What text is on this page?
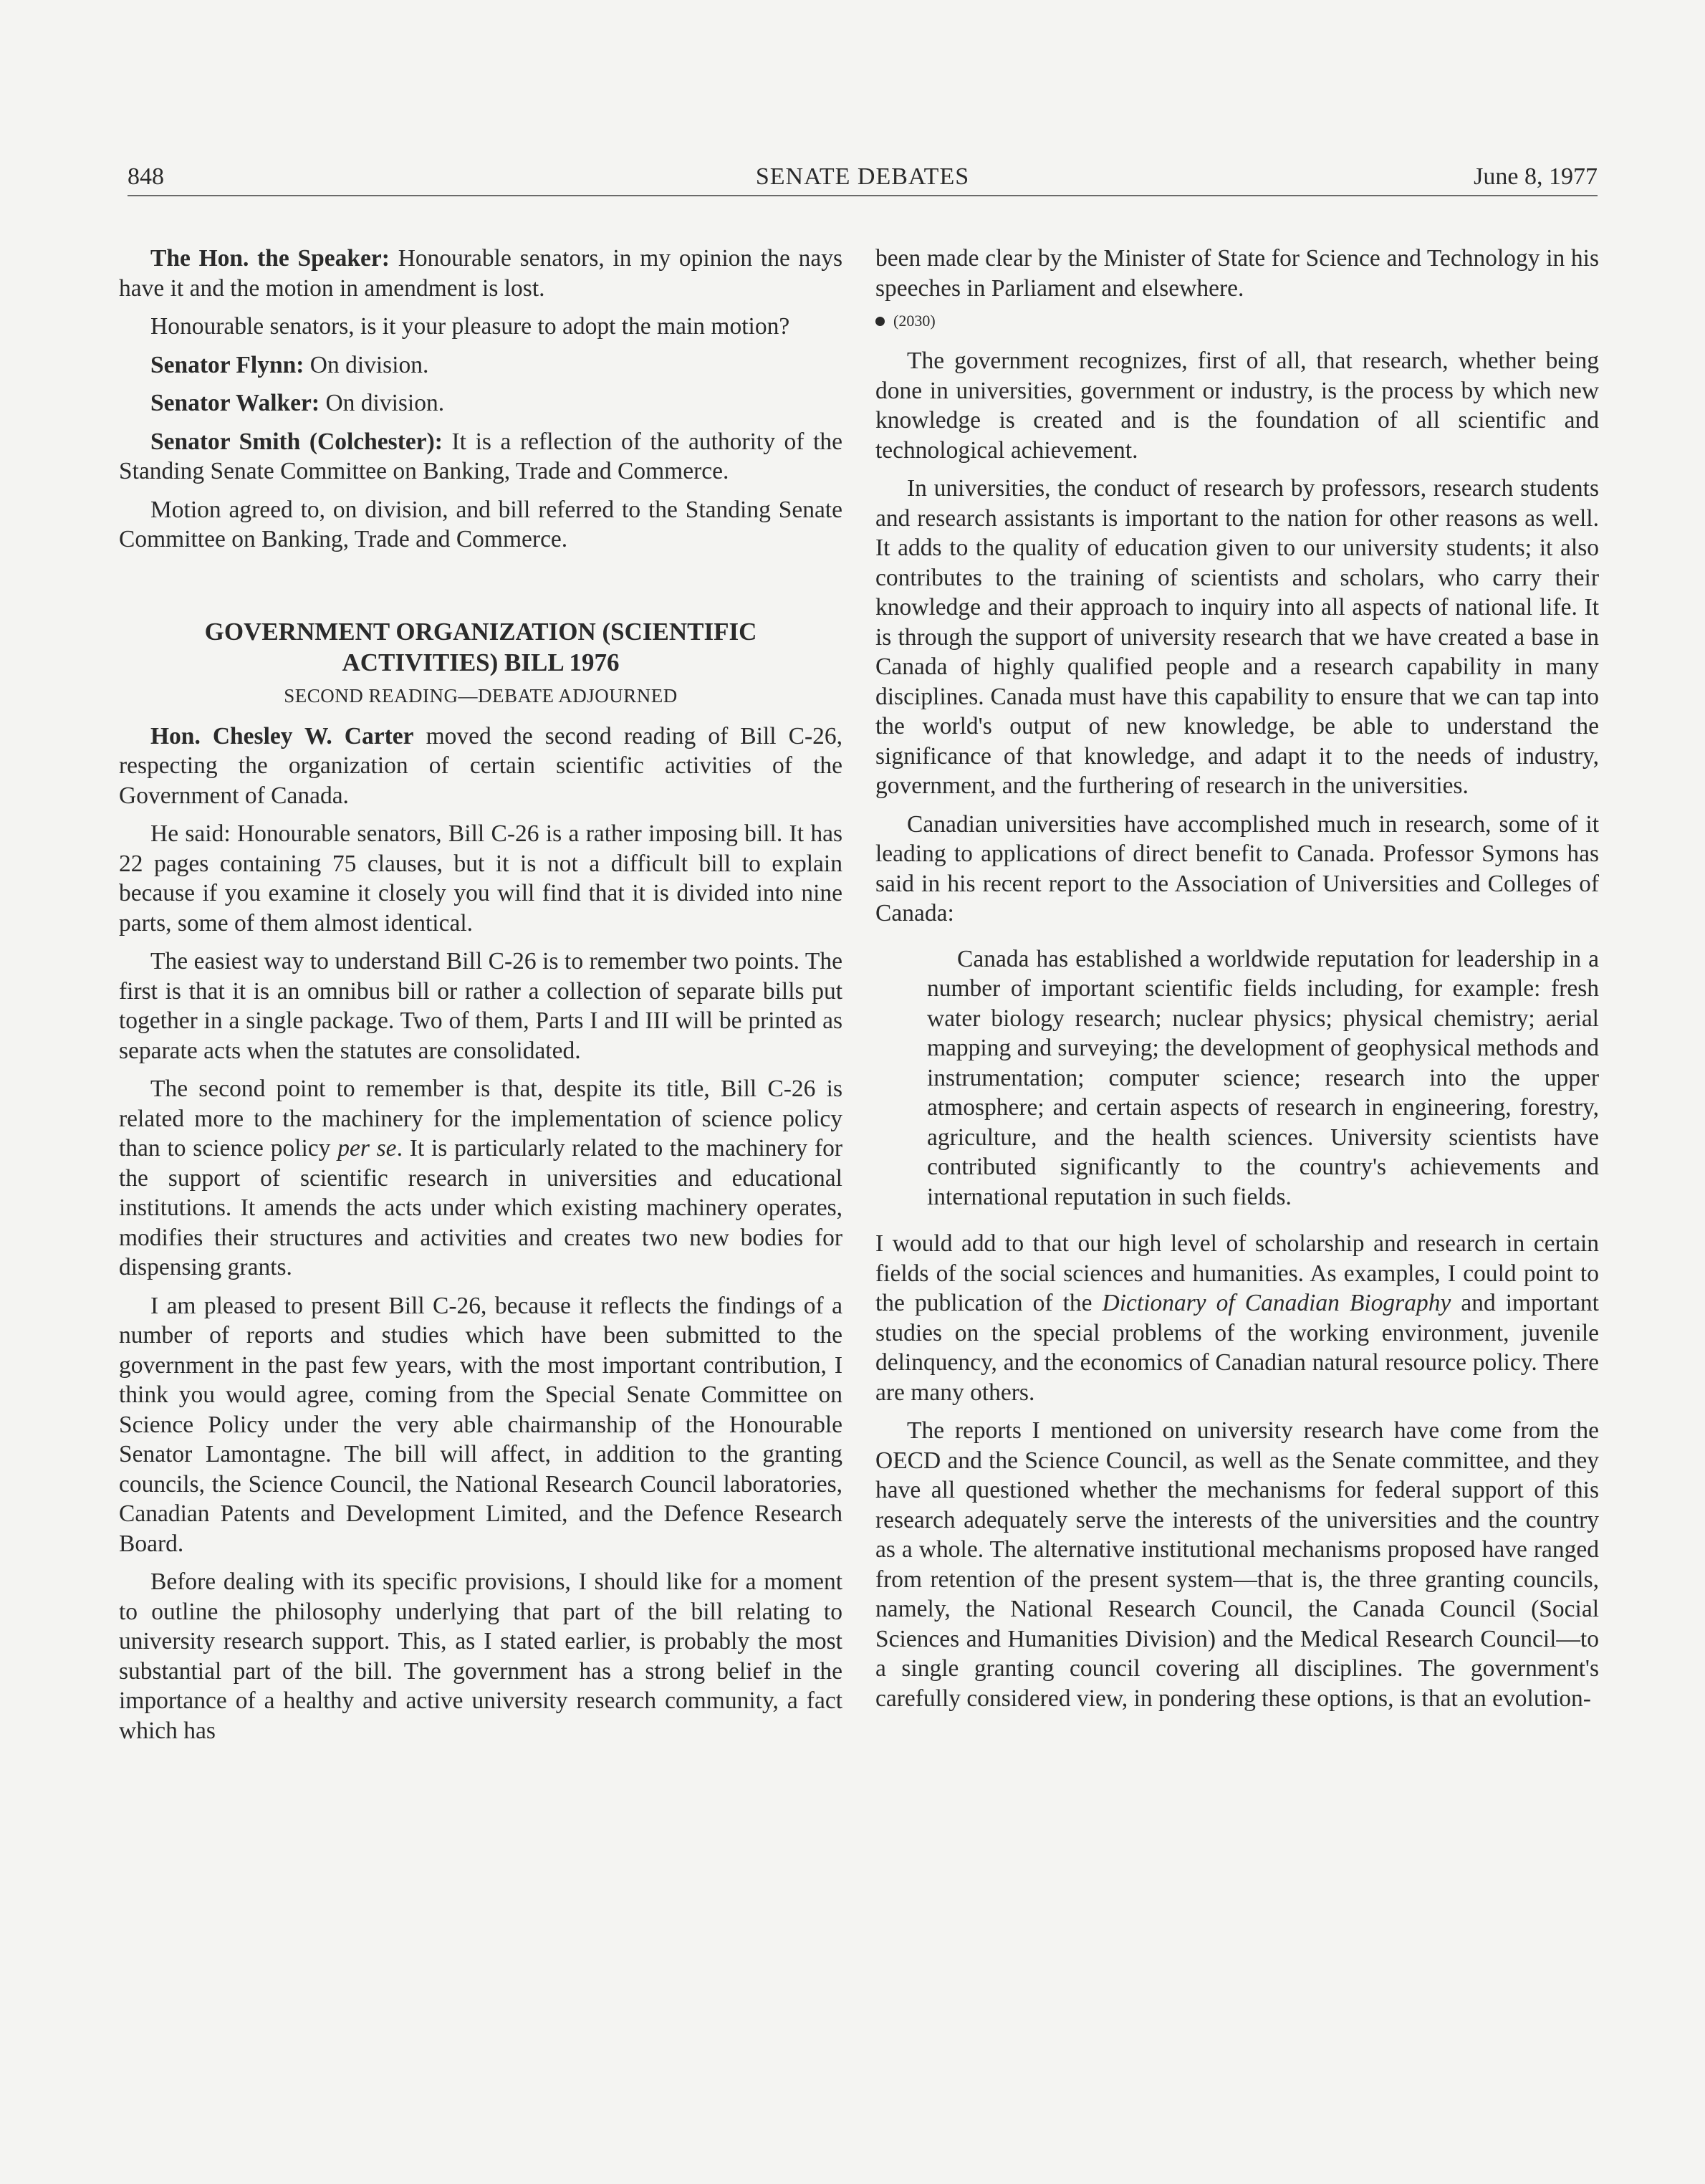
848	SENATE DEBATES	June 8, 1977

The Hon. the Speaker: Honourable senators, in my opinion the nays have it and the motion in amendment is lost.

Honourable senators, is it your pleasure to adopt the main motion?

Senator Flynn: On division.

Senator Walker: On division.

Senator Smith (Colchester): It is a reflection of the authority of the Standing Senate Committee on Banking, Trade and Commerce.

Motion agreed to, on division, and bill referred to the Standing Senate Committee on Banking, Trade and Commerce.

GOVERNMENT ORGANIZATION (SCIENTIFIC
ACTIVITIES) BILL 1976
SECOND READING—DEBATE ADJOURNED

Hon. Chesley W. Carter moved the second reading of Bill C-26, respecting the organization of certain scientific activities of the Government of Canada.

He said: Honourable senators, Bill C-26 is a rather imposing bill. It has 22 pages containing 75 clauses, but it is not a difficult bill to explain because if you examine it closely you will find that it is divided into nine parts, some of them almost identical.

The easiest way to understand Bill C-26 is to remember two points. The first is that it is an omnibus bill or rather a collection of separate bills put together in a single package. Two of them, Parts I and III will be printed as separate acts when the statutes are consolidated.

The second point to remember is that, despite its title, Bill C-26 is related more to the machinery for the implementation of science policy than to science policy per se. It is particularly related to the machinery for the support of scientific research in universities and educational institutions. It amends the acts under which existing machinery operates, modifies their structures and activities and creates two new bodies for dispensing grants.

I am pleased to present Bill C-26, because it reflects the findings of a number of reports and studies which have been submitted to the government in the past few years, with the most important contribution, I think you would agree, coming from the Special Senate Committee on Science Policy under the very able chairmanship of the Honourable Senator Lamontagne. The bill will affect, in addition to the granting councils, the Science Council, the National Research Council laboratories, Canadian Patents and Development Limited, and the Defence Research Board.

Before dealing with its specific provisions, I should like for a moment to outline the philosophy underlying that part of the bill relating to university research support. This, as I stated earlier, is probably the most substantial part of the bill. The government has a strong belief in the importance of a healthy and active university research community, a fact which has

been made clear by the Minister of State for Science and Technology in his speeches in Parliament and elsewhere.

(2030)

The government recognizes, first of all, that research, whether being done in universities, government or industry, is the process by which new knowledge is created and is the foundation of all scientific and technological achievement.

In universities, the conduct of research by professors, research students and research assistants is important to the nation for other reasons as well. It adds to the quality of education given to our university students; it also contributes to the training of scientists and scholars, who carry their knowledge and their approach to inquiry into all aspects of national life. It is through the support of university research that we have created a base in Canada of highly qualified people and a research capability in many disciplines. Canada must have this capability to ensure that we can tap into the world's output of new knowledge, be able to understand the significance of that knowledge, and adapt it to the needs of industry, government, and the furthering of research in the universities.

Canadian universities have accomplished much in research, some of it leading to applications of direct benefit to Canada. Professor Symons has said in his recent report to the Association of Universities and Colleges of Canada:

Canada has established a worldwide reputation for leadership in a number of important scientific fields including, for example: fresh water biology research; nuclear physics; physical chemistry; aerial mapping and surveying; the development of geophysical methods and instrumentation; computer science; research into the upper atmosphere; and certain aspects of research in engineering, forestry, agriculture, and the health sciences. University scientists have contributed significantly to the country's achievements and international reputation in such fields.

I would add to that our high level of scholarship and research in certain fields of the social sciences and humanities. As examples, I could point to the publication of the Dictionary of Canadian Biography and important studies on the special problems of the working environment, juvenile delinquency, and the economics of Canadian natural resource policy. There are many others.

The reports I mentioned on university research have come from the OECD and the Science Council, as well as the Senate committee, and they have all questioned whether the mechanisms for federal support of this research adequately serve the interests of the universities and the country as a whole. The alternative institutional mechanisms proposed have ranged from retention of the present system—that is, the three granting councils, namely, the National Research Council, the Canada Council (Social Sciences and Humanities Division) and the Medical Research Council—to a single granting council covering all disciplines. The government's carefully considered view, in pondering these options, is that an evolution-
